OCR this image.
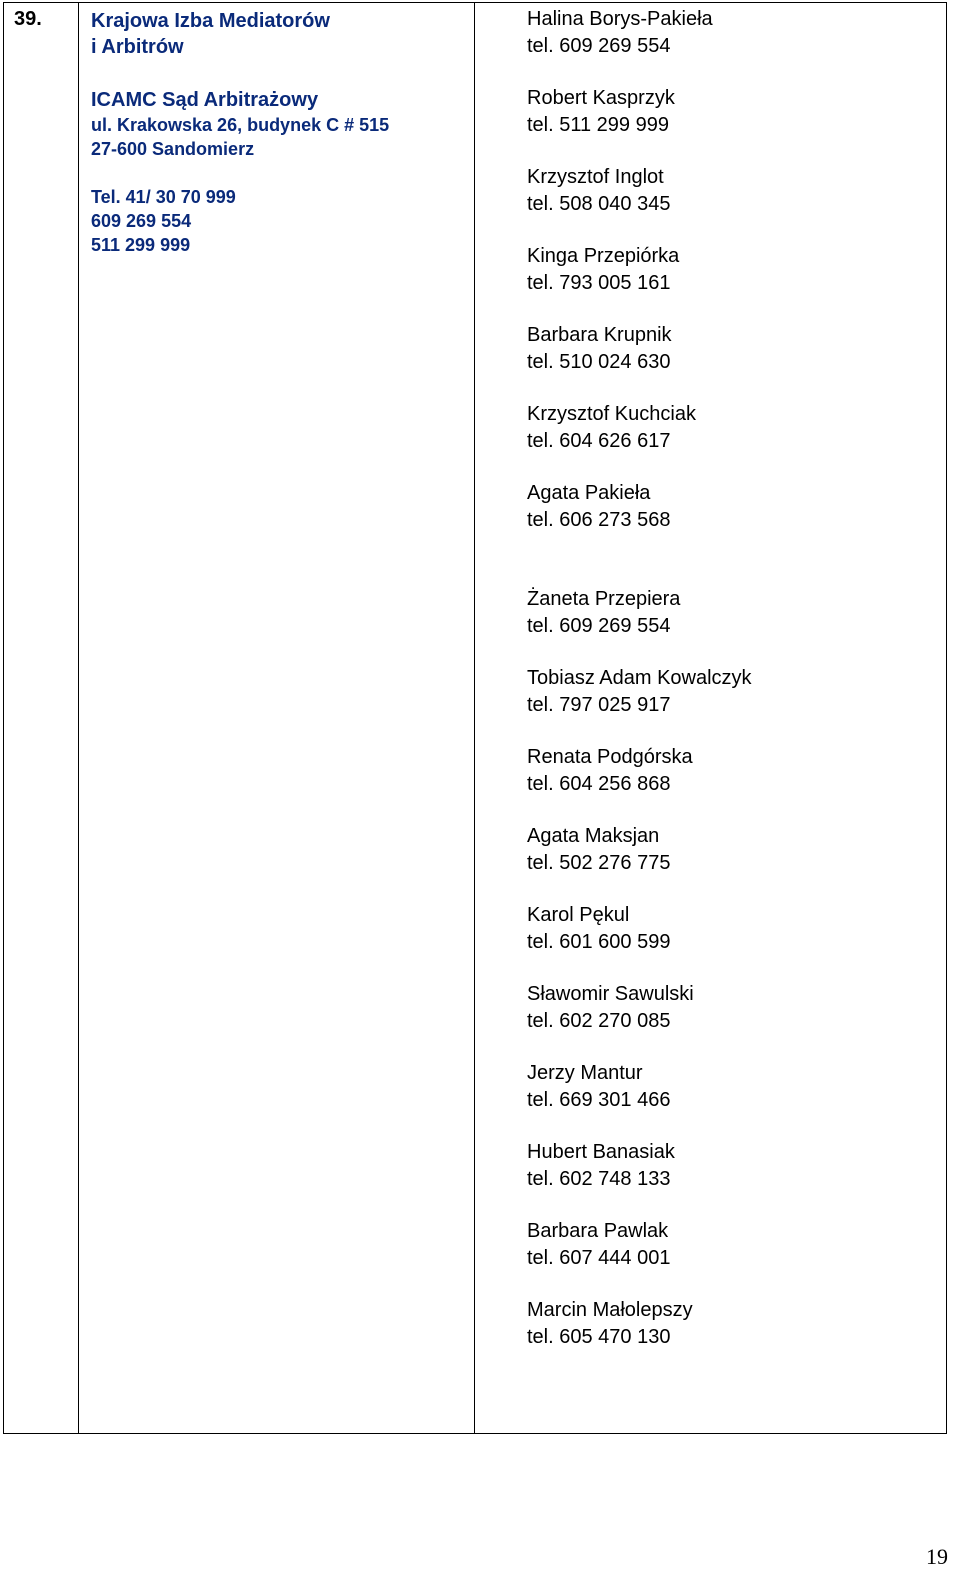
39. Krajowa Izba Mediatorów

i Arbitrów

ICAMC Sąd Arbitrażowy

ul. Krakowska 26, budynek C # 515

27-600 Sandomierz

Tel. 41/ 30 70 999
609 269 554
511 299 999
Halina Borys-Pakieła
tel. 609 269 554
Robert Kasprzyk
tel. 511 299 999
Krzysztof Inglot
tel. 508 040 345
Kinga Przepiórka
tel. 793 005 161
Barbara Krupnik
tel. 510 024 630
Krzysztof Kuchciak
tel. 604 626 617
Agata Pakieła
tel. 606 273 568
Żaneta Przepiera
tel. 609 269 554
Tobiasz Adam Kowalczyk
tel. 797 025 917
Renata Podgórska
tel. 604 256 868
Agata Maksjan
tel. 502 276 775
Karol Pękul
tel. 601 600 599
Sławomir Sawulski
tel. 602 270 085
Jerzy Mantur
tel. 669 301 466
Hubert Banasiak
tel. 602 748 133
Barbara Pawlak
tel. 607 444 001
Marcin Małolepszy
tel. 605 470 130
19
